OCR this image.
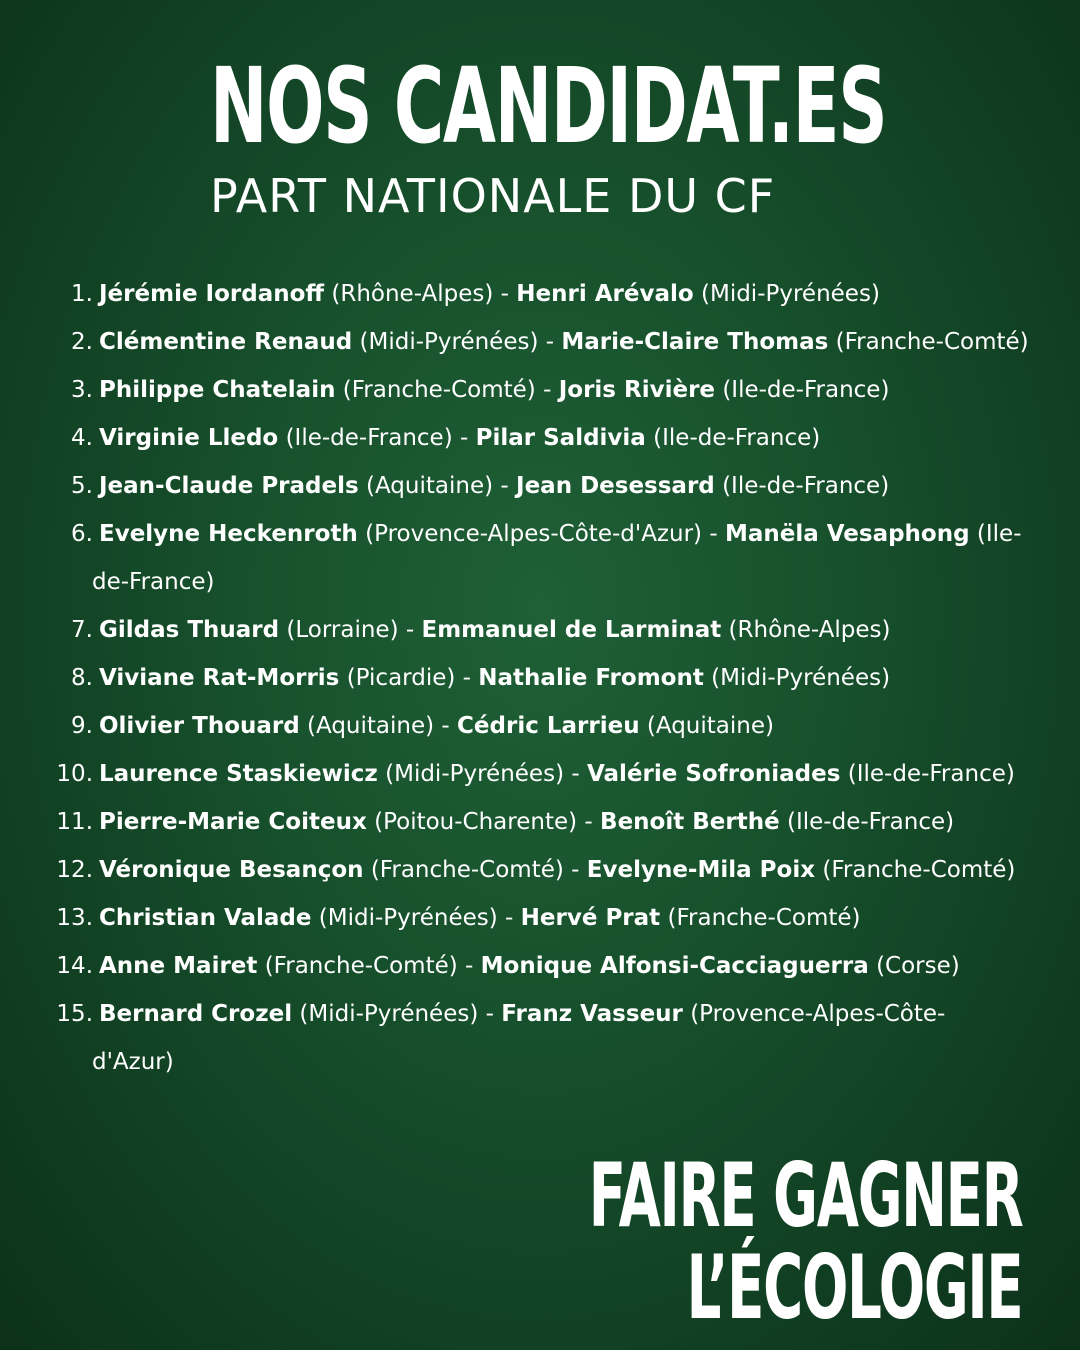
NOS CANDIDAT.ES
PART NATIONALE DU CF
1. Jérémie Iordanoff (Rhône-Alpes) - Henri Arévalo (Midi-Pyrénées)
2. Clémentine Renaud (Midi-Pyrénées) - Marie-Claire Thomas (Franche-Comté)
3. Philippe Chatelain (Franche-Comté) - Joris Rivière (Ile-de-France)
4. Virginie Lledo (Ile-de-France) - Pilar Saldivia (Ile-de-France)
5. Jean-Claude Pradels (Aquitaine) - Jean Desessard (Ile-de-France)
6. Evelyne Heckenroth (Provence-Alpes-Côte-d'Azur) - Manëla Vesaphong (Ile-
de-France)
7. Gildas Thuard (Lorraine) - Emmanuel de Larminat (Rhône-Alpes)
8. Viviane Rat-Morris (Picardie) - Nathalie Fromont (Midi-Pyrénées)
9. Olivier Thouard (Aquitaine) - Cédric Larrieu (Aquitaine)
10. Laurence Staskiewicz (Midi-Pyrénées) - Valérie Sofroniades (Ile-de-France)
11. Pierre-Marie Coiteux (Poitou-Charente) - Benoît Berthé (Ile-de-France)
12. Véronique Besançon (Franche-Comté) - Evelyne-Mila Poix (Franche-Comté)
13. Christian Valade (Midi-Pyrénées) - Hervé Prat (Franche-Comté)
14. Anne Mairet (Franche-Comté) - Monique Alfonsi-Cacciaguerra (Corse)
15. Bernard Crozel (Midi-Pyrénées) - Franz Vasseur (Provence-Alpes-Côte-
d'Azur)
FAIRE GAGNER
L’ÉCOLOGIE
